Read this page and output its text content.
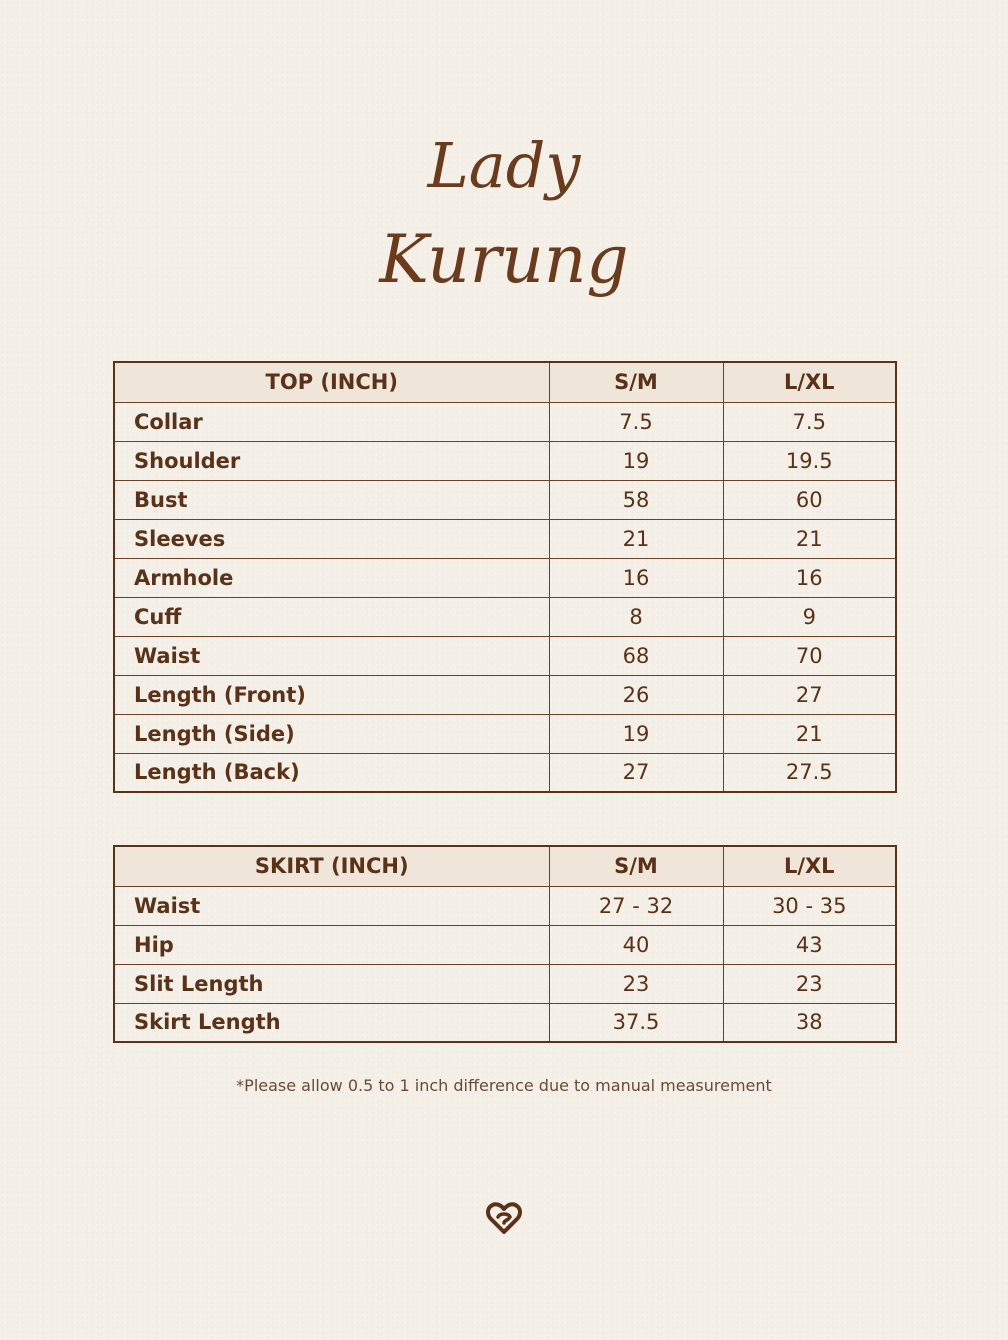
Lady
Kurung
TOP (INCH)	S/M	L/XL
Collar	7.5	7.5
Shoulder	19	19.5
Bust	58	60
Sleeves	21	21
Armhole	16	16
Cuff	8	9
Waist	68	70
Length (Front)	26	27
Length (Side)	19	21
Length (Back)	27	27.5
SKIRT (INCH)	S/M	L/XL
Waist	27 - 32	30 - 35
Hip	40	43
Slit Length	23	23
Skirt Length	37.5	38
*Please allow 0.5 to 1 inch difference due to manual measurement
